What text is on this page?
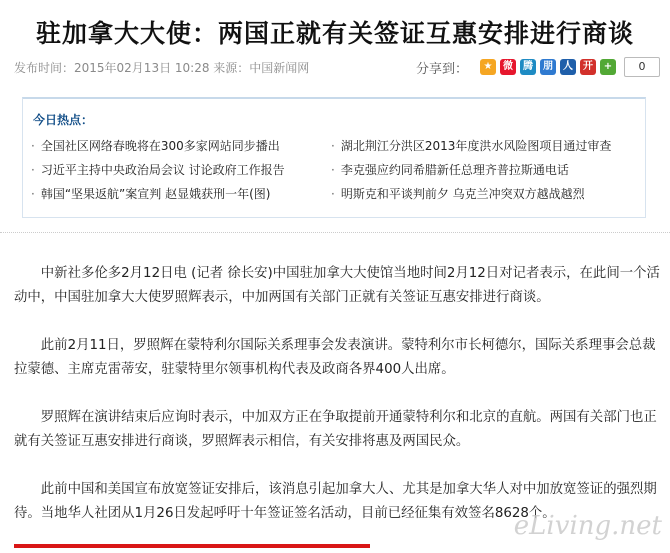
驻加拿大大使：两国正就有关签证互惠安排进行商谈
发布时间：2015年02月13日 10:28 来源：中国新闻网	分享到：	★	微	腾	朋	人	开	+	0
今日热点：
· 全国社区网络春晚将在300多家网站同步播出	· 湖北荆江分洪区2013年度洪水风险图项目通过审查
· 习近平主持中央政治局会议 讨论政府工作报告	· 李克强应约同希腊新任总理齐普拉斯通电话
· 韩国“坚果返航”案宣判 赵显娥获刑一年(图)	· 明斯克和平谈判前夕 乌克兰冲突双方越战越烈

中新社多伦多2月12日电 (记者 徐长安)中国驻加拿大大使馆当地时间2月12日对记者表示，在此间一个活动中，中国驻加拿大大使罗照辉表示，中加两国有关部门正就有关签证互惠安排进行商谈。

此前2月11日，罗照辉在蒙特利尔国际关系理事会发表演讲。蒙特利尔市长柯德尔，国际关系理事会总裁拉蒙德、主席克雷蒂安，驻蒙特里尔领事机构代表及政商各界400人出席。

罗照辉在演讲结束后应询时表示，中加双方正在争取提前开通蒙特利尔和北京的直航。两国有关部门也正就有关签证互惠安排进行商谈，罗照辉表示相信，有关安排将惠及两国民众。

此前中国和美国宣布放宽签证安排后，该消息引起加拿大人、尤其是加拿大华人对中加放宽签证的强烈期待。当地华人社团从1月26日发起呼吁十年签证签名活动，目前已经征集有效签名8628个。

eLiving.net
